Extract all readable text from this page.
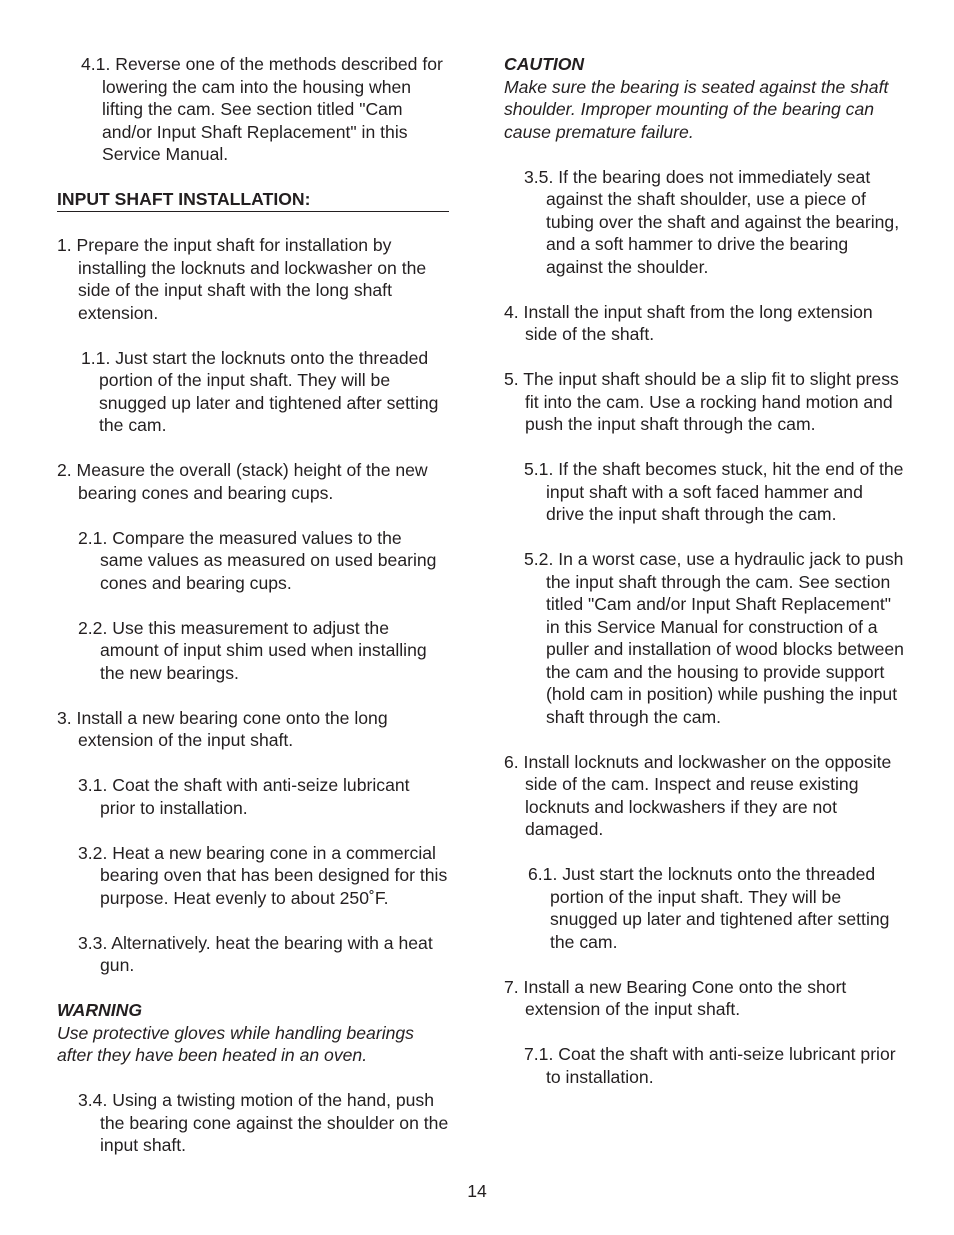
4.1. Reverse one of the methods described for lowering the cam into the housing when lifting the cam. See section titled "Cam and/or Input Shaft Replacement" in this Service Manual.

INPUT SHAFT INSTALLATION:

1. Prepare the input shaft for installation by installing the locknuts and lockwasher on the side of the input shaft with the long shaft extension.

1.1. Just start the locknuts onto the threaded portion of the input shaft. They will be snugged up later and tightened after setting the cam.

2. Measure the overall (stack) height of the new bearing cones and bearing cups.

2.1. Compare the measured values to the same values as measured on used bearing cones and bearing cups.

2.2. Use this measurement to adjust the amount of input shim used when installing the new bearings.

3. Install a new bearing cone onto the long extension of the input shaft.

3.1. Coat the shaft with anti-seize lubricant prior to installation.

3.2. Heat a new bearing cone in a commercial bearing oven that has been designed for this purpose. Heat evenly to about 250˚F.

3.3. Alternatively. heat the bearing with a heat gun.

WARNING

Use protective gloves while handling bearings after they have been heated in an oven.

3.4. Using a twisting motion of the hand, push the bearing cone against the shoulder on the input shaft.

CAUTION

Make sure the bearing is seated against the shaft shoulder. Improper mounting of the bearing can cause premature failure.

3.5. If the bearing does not immediately seat against the shaft shoulder, use a piece of tubing over the shaft and against the bearing, and a soft hammer to drive the bearing against the shoulder.

4. Install the input shaft from the long extension side of the shaft.

5. The input shaft should be a slip fit to slight press fit into the cam. Use a rocking hand motion and push the input shaft through the cam.

5.1. If the shaft becomes stuck, hit the end of the input shaft with a soft faced hammer and drive the input shaft through the cam.

5.2. In a worst case, use a hydraulic jack to push the input shaft through the cam. See section titled "Cam and/or Input Shaft Replacement" in this Service Manual for construction of a puller and installation of wood blocks between the cam and the housing to provide support (hold cam in position) while pushing the input shaft through the cam.

6. Install locknuts and lockwasher on the opposite side of the cam. Inspect and reuse existing locknuts and lockwashers if they are not damaged.

6.1. Just start the locknuts onto the threaded portion of the input shaft. They will be snugged up later and tightened after setting the cam.

7. Install a new Bearing Cone onto the short extension of the input shaft.

7.1. Coat the shaft with anti-seize lubricant prior to installation.

14
